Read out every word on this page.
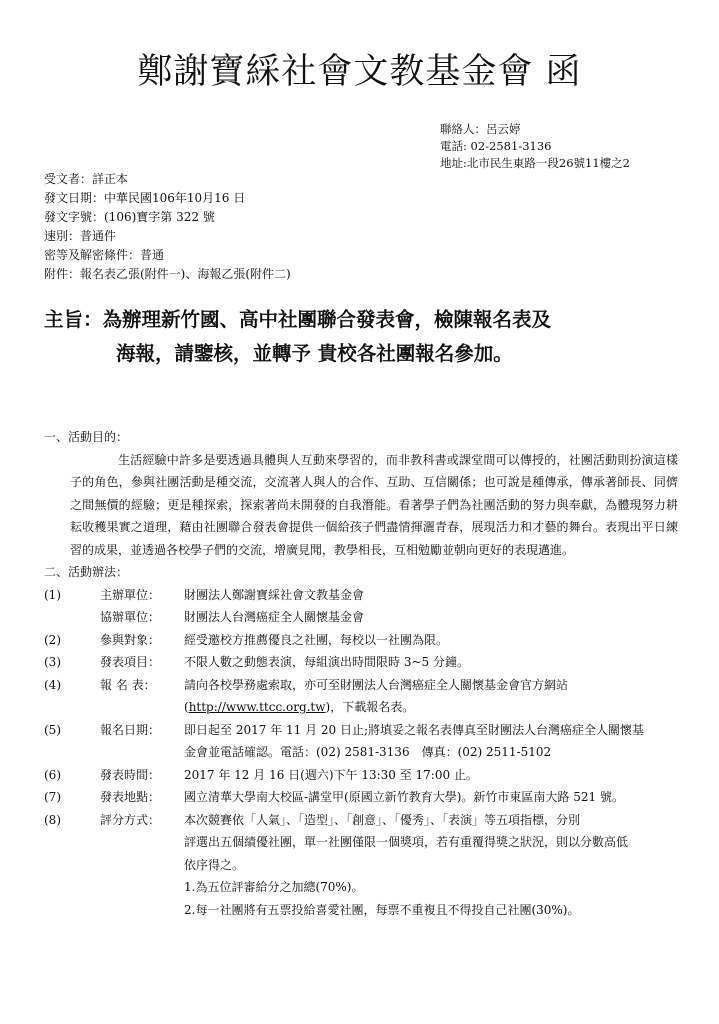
鄭謝寶綵社會文教基金會 函
聯絡人：呂云婷
電話: 02-2581-3136
地址:北市民生東路一段26號11樓之2
受文者：詳正本
發文日期：中華民國106年10月16 日
發文字號：(106)寶字第 322 號
速別：普通件
密等及解密條件：普通
附件：報名表乙張(附件一)、海報乙張(附件二)
主旨：為辦理新竹國、高中社團聯合發表會，檢陳報名表及
海報，請鑒核，並轉予 貴校各社團報名參加。
一、活動目的：
生活經驗中許多是要透過具體與人互動來學習的，而非教科書或課堂間可以傳授的，社團活動則扮演這樣子的角色，參與社團活動是種交流，交流著人與人的合作、互助、互信關係；也可說是種傳承，傳承著師長、同儕之間無價的經驗；更是種探索，探索著尚未開發的自我潛能。看著學子們為社團活動的努力與奉獻，為體現努力耕耘收穫果實之道理，藉由社團聯合發表會提供一個給孩子們盡情揮灑青春，展現活力和才藝的舞台。表現出平日練習的成果，並透過各校學子們的交流，增廣見聞，教學相長，互相勉勵並朝向更好的表現邁進。
二、活動辦法：
(1)	主辦單位：	財團法人鄭謝寶綵社會文教基金會
協辦單位：	財團法人台灣癌症全人關懷基金會
(2)	參與對象：	經受邀校方推薦優良之社團，每校以一社團為限。
(3)	發表項目：	不限人數之動態表演，每組演出時間限時 3~5 分鐘。
(4)	報 名 表：	請向各校學務處索取，亦可至財團法人台灣癌症全人關懷基金會官方網站
(http://www.ttcc.org.tw)，下載報名表。
(5)	報名日期：	即日起至 2017 年 11 月 20 日止;將填妥之報名表傳真至財團法人台灣癌症全人關懷基
金會並電話確認。電話：(02) 2581-3136　傳真：(02) 2511-5102
(6)	發表時間：	2017 年 12 月 16 日(週六)下午 13:30 至 17:00 止。
(7)	發表地點：	國立清華大學南大校區-講堂甲(原國立新竹教育大學)。新竹市東區南大路 521 號。
(8)	評分方式：	本次競賽依「人氣」、「造型」、「創意」、「優秀」、「表演」等五項指標，分別
評選出五個績優社團，單一社團僅限一個獎項，若有重覆得獎之狀況，則以分數高低
依序得之。
1.為五位評審給分之加總(70%)。
2.每一社團將有五票投給喜愛社團，每票不重複且不得投自己社團(30%)。
